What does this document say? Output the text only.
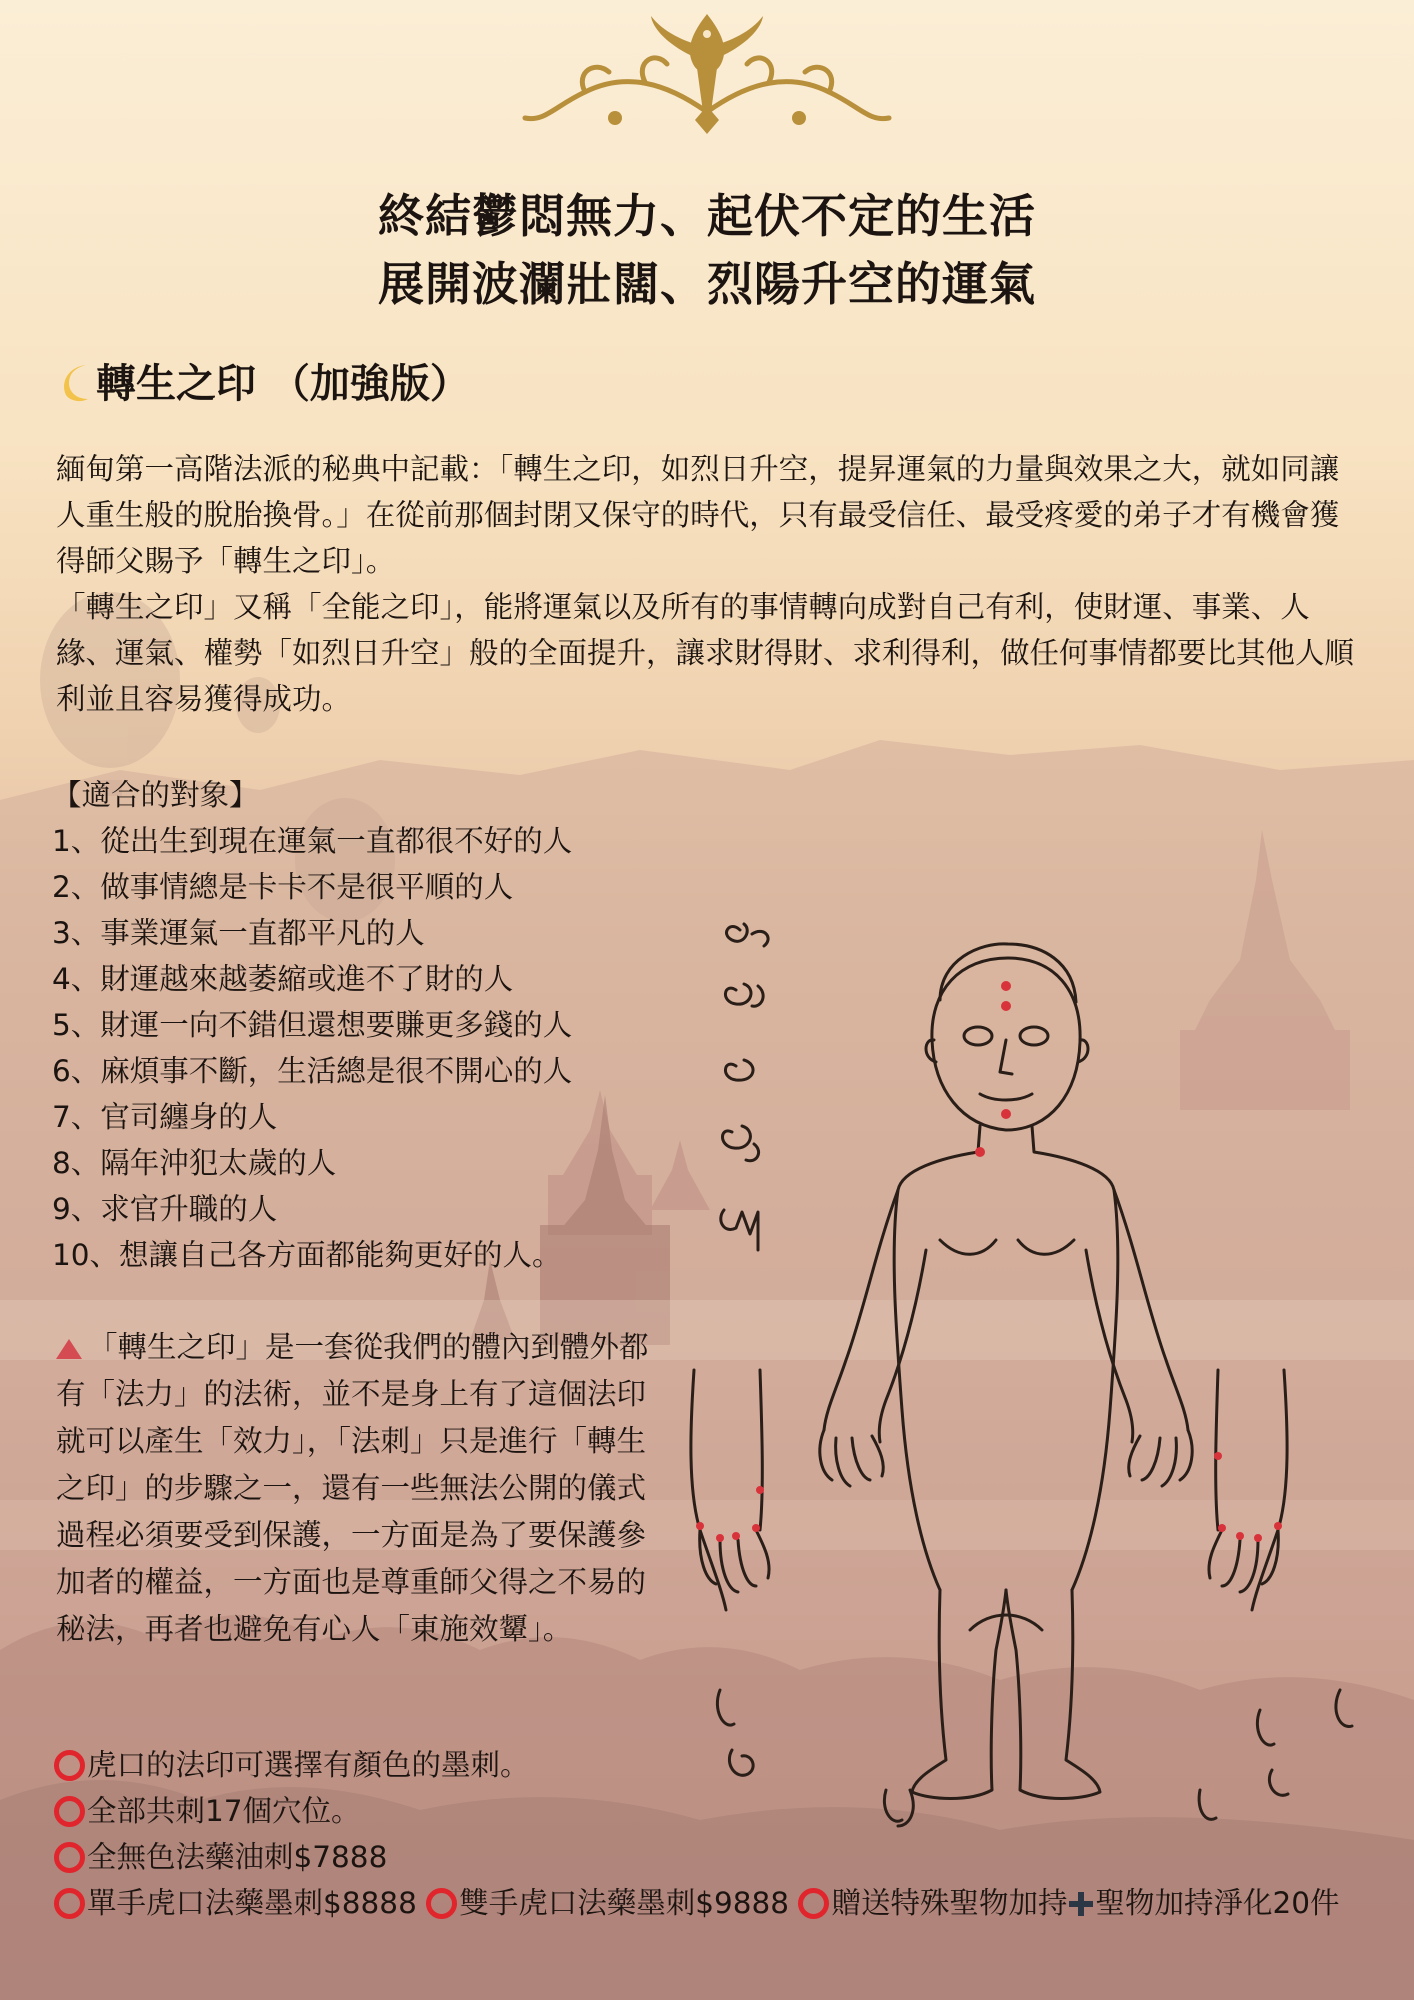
終結鬱悶無力、起伏不定的生活
展開波瀾壯闊、烈陽升空的運氣
轉生之印 （加強版）
緬甸第一高階法派的秘典中記載：「轉生之印，如烈日升空，提昇運氣的力量與效果之大，就如同讓人重生般的脫胎換骨。」在從前那個封閉又保守的時代，只有最受信任、最受疼愛的弟子才有機會獲得師父賜予「轉生之印」。
「轉生之印」又稱「全能之印」，能將運氣以及所有的事情轉向成對自己有利，使財運、事業、人緣、運氣、權勢「如烈日升空」般的全面提升，讓求財得財、求利得利，做任何事情都要比其他人順利並且容易獲得成功。
【適合的對象】
1、從出生到現在運氣一直都很不好的人
2、做事情總是卡卡不是很平順的人
3、事業運氣一直都平凡的人
4、財運越來越萎縮或進不了財的人
5、財運一向不錯但還想要賺更多錢的人
6、麻煩事不斷，生活總是很不開心的人
7、官司纏身的人
8、隔年沖犯太歲的人
9、求官升職的人
10、想讓自己各方面都能夠更好的人。
「轉生之印」是一套從我們的體內到體外都有「法力」的法術，並不是身上有了這個法印就可以產生「效力」，「法刺」只是進行「轉生之印」的步驟之一，還有一些無法公開的儀式過程必須要受到保護，一方面是為了要保護參加者的權益，一方面也是尊重師父得之不易的秘法，再者也避免有心人「東施效顰」。
虎口的法印可選擇有顏色的墨刺。
全部共刺17個穴位。
全無色法藥油刺$7888
單手虎口法藥墨刺$8888 雙手虎口法藥墨刺$9888 贈送特殊聖物加持 聖物加持淨化20件
